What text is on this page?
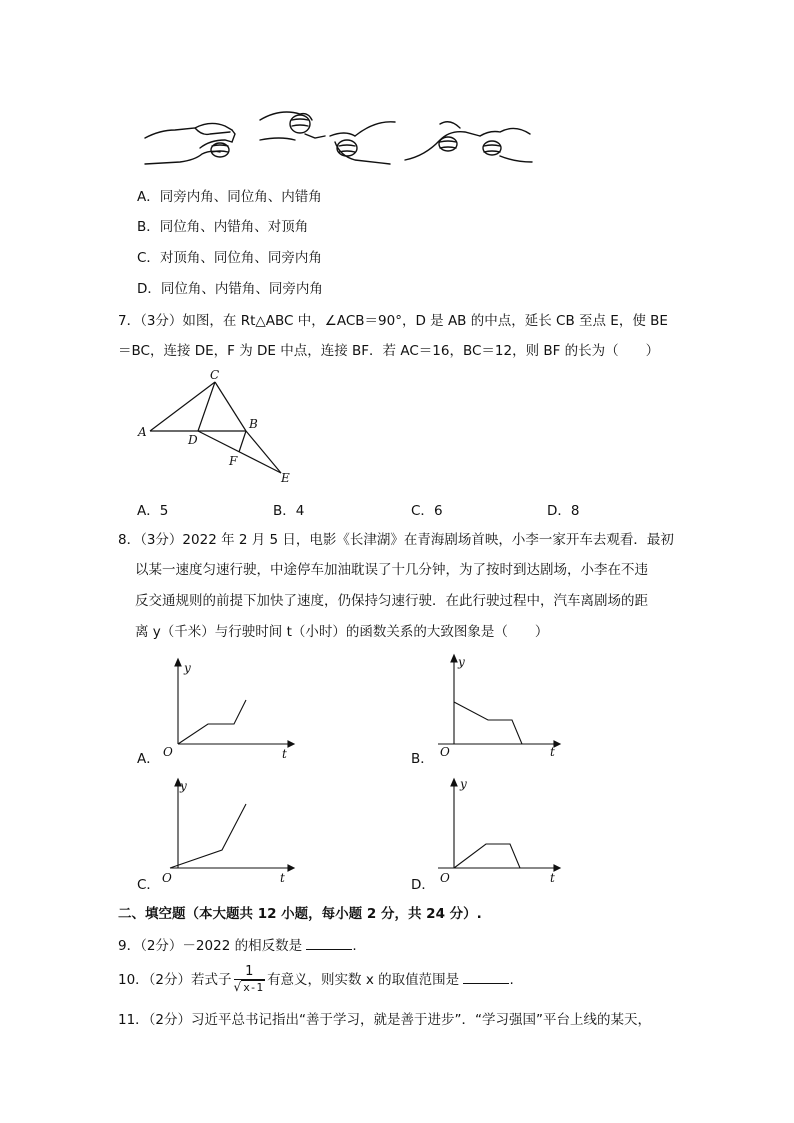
A．同旁内角、同位角、内错角
B．同位角、内错角、对顶角
C．对顶角、同位角、同旁内角
D．同位角、内错角、同旁内角
7．（3分）如图，在 Rt△ABC 中，∠ACB＝90°，D 是 AB 的中点，延长 CB 至点 E，使 BE
＝BC，连接 DE，F 为 DE 中点，连接 BF．若 AC＝16，BC＝12，则 BF 的长为（　　）
C
A
D
B
F
E
A．5	B．4	C．6	D．8
8．（3分）2022 年 2 月 5 日，电影《长津湖》在青海剧场首映，小李一家开车去观看．最初
以某一速度匀速行驶，中途停车加油耽误了十几分钟，为了按时到达剧场，小李在不违
反交通规则的前提下加快了速度，仍保持匀速行驶．在此行驶过程中，汽车离剧场的距
离 y（千米）与行驶时间 t（小时）的函数关系的大致图象是（　　）
A．
y
O	t	B．
y
O	t
C．
y
O	t	D．
y
O	t
二、填空题（本大题共 12 小题，每小题 2 分，共 24 分）.
9．（2分）－2022 的相反数是	.
10．（2分）若式子 $\frac{1}{√ x-1}$ 有意义，则实数 x 的取值范围是	.
11．（2分）习近平总书记指出“善于学习，就是善于进步”．“学习强国”平台上线的某天，
